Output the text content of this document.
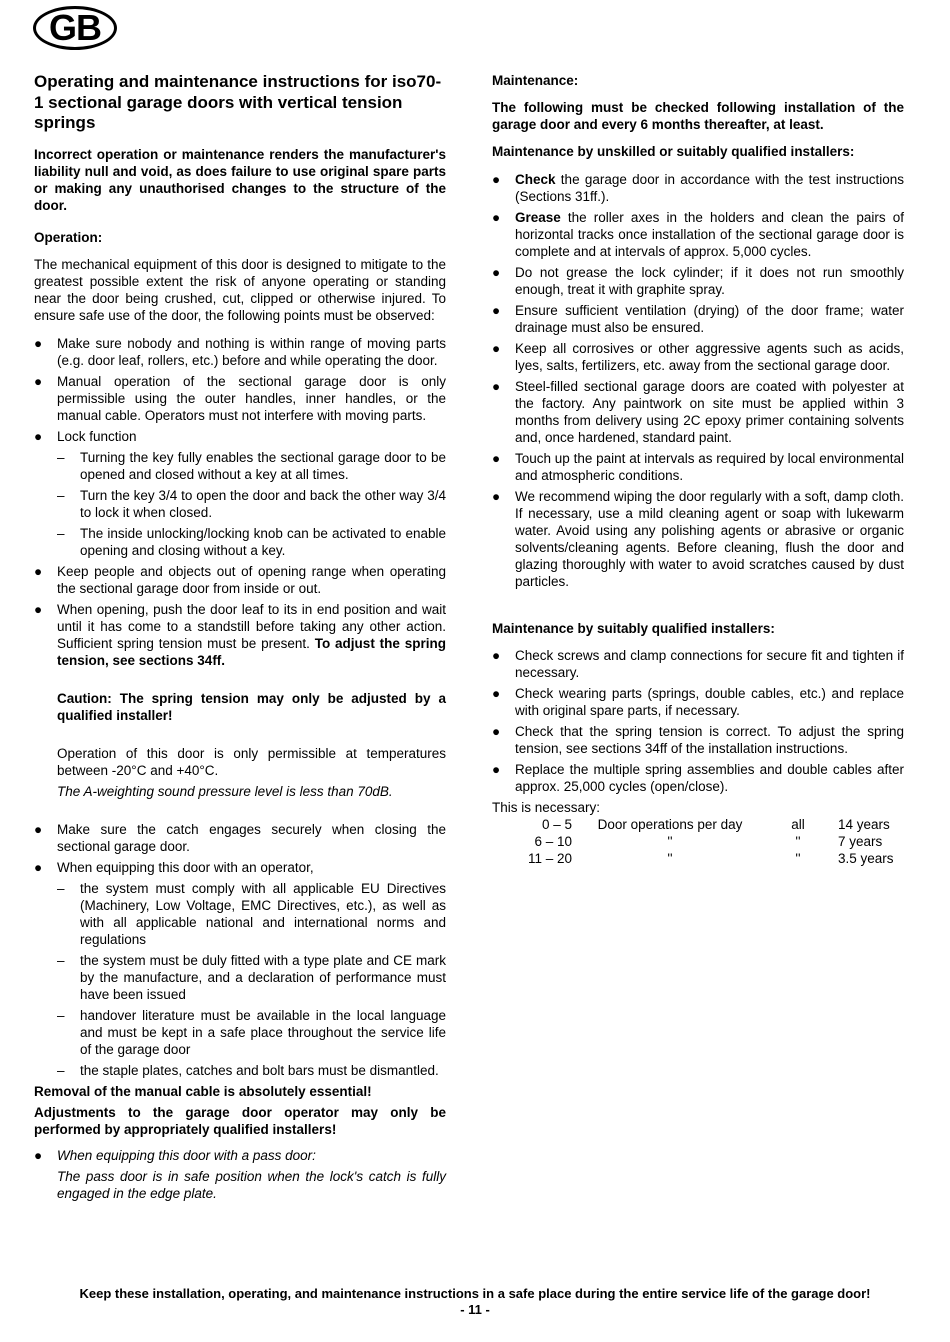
GB
Operating and maintenance instructions for iso70-1 sectional garage doors with vertical tension springs

Incorrect operation or maintenance renders the manufacturer's liability null and void, as does failure to use original spare parts or making any unauthorised changes to the structure of the door.

Operation:

The mechanical equipment of this door is designed to mitigate to the greatest possible extent the risk of anyone operating or standing near the door being crushed, cut, clipped or otherwise injured. To ensure safe use of the door, the following points must be observed:

● Make sure nobody and nothing is within range of moving parts (e.g. door leaf, rollers, etc.) before and while operating the door.
● Manual operation of the sectional garage door is only permissible using the outer handles, inner handles, or the manual cable. Operators must not interfere with moving parts.
● Lock function
– Turning the key fully enables the sectional garage door to be opened and closed without a key at all times.
– Turn the key 3/4 to open the door and back the other way 3/4 to lock it when closed.
– The inside unlocking/locking knob can be activated to enable opening and closing without a key.
● Keep people and objects out of opening range when operating the sectional garage door from inside or out.
● When opening, push the door leaf to its in end position and wait until it has come to a standstill before taking any other action. Sufficient spring tension must be present. To adjust the spring tension, see sections 34ff.

Caution: The spring tension may only be adjusted by a qualified installer!

Operation of this door is only permissible at temperatures between -20°C and +40°C.

The A-weighting sound pressure level is less than 70dB.

● Make sure the catch engages securely when closing the sectional garage door.
● When equipping this door with an operator,
– the system must comply with all applicable EU Directives (Machinery, Low Voltage, EMC Directives, etc.), as well as with all applicable national and international norms and regulations
– the system must be duly fitted with a type plate and CE mark by the manufacture, and a declaration of performance must have been issued
– handover literature must be available in the local language and must be kept in a safe place throughout the service life of the garage door
– the staple plates, catches and bolt bars must be dismantled.

Removal of the manual cable is absolutely essential!

Adjustments to the garage door operator may only be performed by appropriately qualified installers!

● When equipping this door with a pass door:

The pass door is in safe position when the lock's catch is fully engaged in the edge plate.

Maintenance:

The following must be checked following installation of the garage door and every 6 months thereafter, at least.

Maintenance by unskilled or suitably qualified installers:

● Check the garage door in accordance with the test instructions (Sections 31ff.).
● Grease the roller axes in the holders and clean the pairs of horizontal tracks once installation of the sectional garage door is complete and at intervals of approx. 5,000 cycles.
● Do not grease the lock cylinder; if it does not run smoothly enough, treat it with graphite spray.
● Ensure sufficient ventilation (drying) of the door frame; water drainage must also be ensured.
● Keep all corrosives or other aggressive agents such as acids, lyes, salts, fertilizers, etc. away from the sectional garage door.
● Steel-filled sectional garage doors are coated with polyester at the factory. Any paintwork on site must be applied within 3 months from delivery using 2C epoxy primer containing solvents and, once hardened, standard paint.
● Touch up the paint at intervals as required by local environmental and atmospheric conditions.
● We recommend wiping the door regularly with a soft, damp cloth. If necessary, use a mild cleaning agent or soap with lukewarm water. Avoid using any polishing agents or abrasive or organic solvents/cleaning agents. Before cleaning, flush the door and glazing thoroughly with water to avoid scratches caused by dust particles.

Maintenance by suitably qualified installers:

● Check screws and clamp connections for secure fit and tighten if necessary.
● Check wearing parts (springs, double cables, etc.) and replace with original spare parts, if necessary.
● Check that the spring tension is correct. To adjust the spring tension, see sections 34ff of the installation instructions.
● Replace the multiple spring assemblies and double cables after approx. 25,000 cycles (open/close).

This is necessary:

0 – 5	Door operations per day	all	14 years
6 – 10	''	''	7 years
11 – 20	''	''	3.5 years
Keep these installation, operating, and maintenance instructions in a safe place during the entire service life of the garage door!
- 11 -
